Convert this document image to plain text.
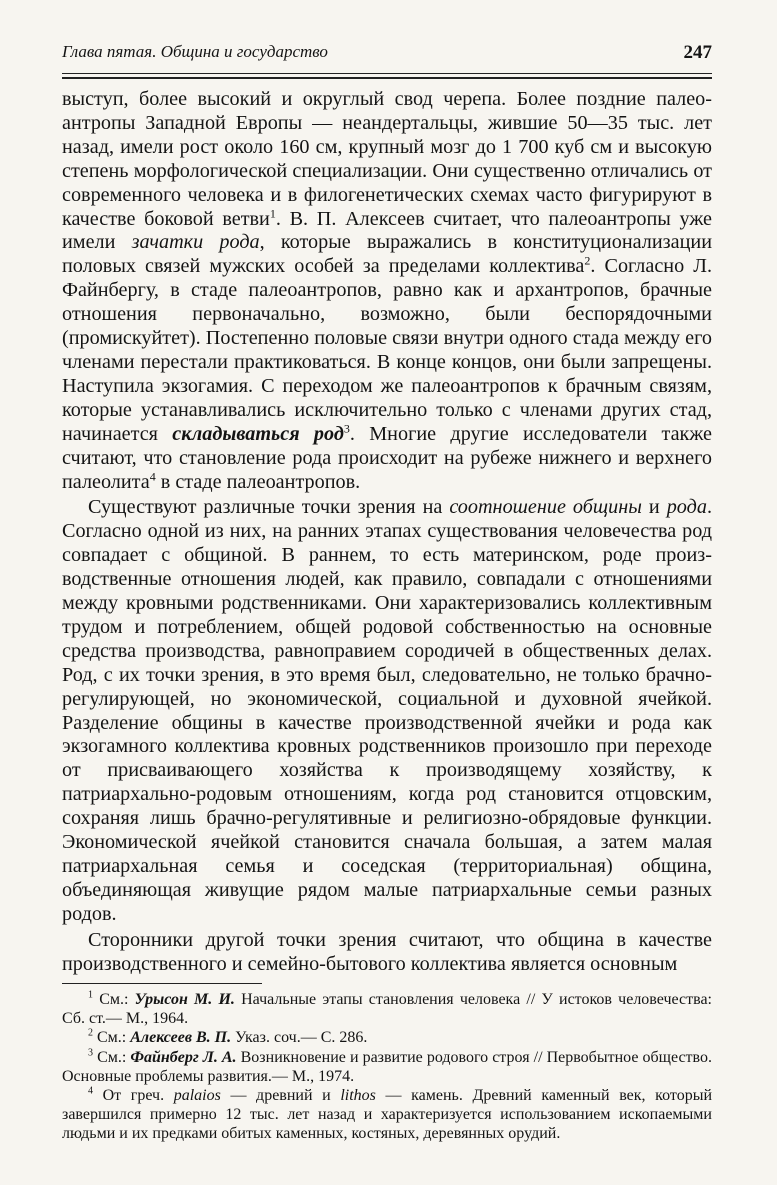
Глава пятая. Община и государство	247

выступ, более высокий и округлый свод черепа. Более поздние палеоантропы Западной Европы — неандертальцы, жившие 50—35 тыс. лет назад, имели рост около 160 см, крупный мозг до 1 700 куб см и высокую степень морфологической специализации. Они существенно отличались от современного человека и в филогенетических схемах часто фигурируют в качестве боковой ветви$^1$. В. П. Алексеев считает, что палеоантропы уже имели зачатки рода, которые выражались в конституционализации половых связей мужских особей за пределами коллектива$^2$. Согласно Л. Файнбергу, в стаде палеоантропов, равно как и архантропов, брачные отношения первоначально, возможно, были беспорядочными (промискуйтет). Постепенно половые связи внутри одного стада между его членами перестали практиковаться. В конце концов, они были запрещены. Наступила экзогамия. С переходом же палеоантропов к брачным связям, которые устанавливались исключительно только с членами других стад, начинается складываться род$^3$. Многие другие исследователи также считают, что становление рода происходит на рубеже нижнего и верхнего палеолита$^4$ в стаде палеоантропов.

Существуют различные точки зрения на соотношение общины и рода. Согласно одной из них, на ранних этапах существования человечества род совпадает с общиной. В раннем, то есть материнском, роде производственные отношения людей, как правило, совпадали с отношениями между кровными родственниками. Они характеризовались коллективным трудом и потреблением, общей родовой собственностью на основные средства производства, равноправием сородичей в общественных делах. Род, с их точки зрения, в это время был, следовательно, не только брачно-регулирующей, но экономической, социальной и духовной ячейкой. Разделение общины в качестве производственной ячейки и рода как экзогамного коллектива кровных родственников произошло при переходе от присваивающего хозяйства к производящему хозяйству, к патриархально-родовым отношениям, когда род становится отцовским, сохраняя лишь брачно-регулятивные и религиозно-обрядовые функции. Экономической ячейкой становится сначала большая, а затем малая патриархальная семья и соседская (территориальная) община, объединяющая живущие рядом малые патриархальные семьи разных родов.

Сторонники другой точки зрения считают, что община в качестве производственного и семейно-бытового коллектива является основным

$^1$ См.: Урысон М. И. Начальные этапы становления человека // У истоков человечества: Сб. ст.— М., 1964.

$^2$ См.: Алексеев В. П. Указ. соч.— С. 286.

$^3$ См.: Файнберг Л. А. Возникновение и развитие родового строя // Первобытное общество. Основные проблемы развития.— М., 1974.

$^4$ От греч. palaios — древний и lithos — камень. Древний каменный век, который завершился примерно 12 тыс. лет назад и характеризуется использованием ископаемыми людьми и их предками обитых каменных, костяных, деревянных орудий.
